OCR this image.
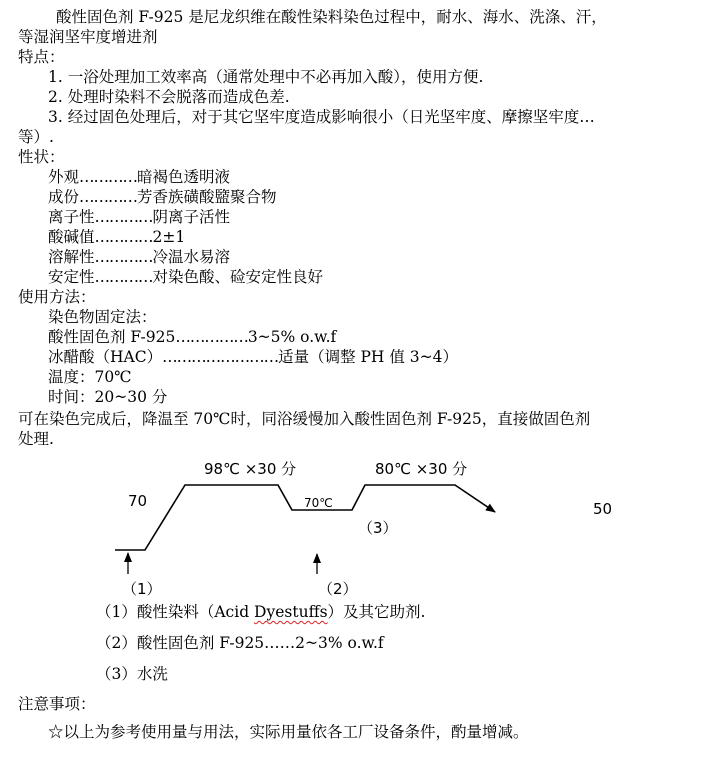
酸性固色剂 F-925 是尼龙织维在酸性染料染色过程中，耐水、海水、洗涤、汗，
等湿润坚牢度增进剂
特点：
1. 一浴处理加工效率高（通常处理中不必再加入酸），使用方便.
2. 处理时染料不会脱落而造成色差.
3. 经过固色处理后，对于其它坚牢度造成影响很小（日光坚牢度、摩擦坚牢度…
等）.
性状：
外观…………暗褐色透明液
成份…………芳香族磺酸盬聚合物
离子性…………阴离子活性
酸碱值…………2±1
溶解性…………冷温水易溶
安定性…………对染色酸、硷安定性良好
使用方法：
染色物固定法：
酸性固色剂 F-925……………3~5% o.w.f
冰醋酸（HAC）……………………适量（调整 PH 值 3~4）
温度：70℃
时间：20~30 分
可在染色完成后，降温至 70℃时，同浴缓慢加入酸性固色剂 F-925，直接做固色剂
处理.
98℃ ×30 分	80℃ ×30 分
70	70℃	50
（3）
（1）	（2）
（1）酸性染料（Acid Dyestuffs）及其它助剂.
（2）酸性固色剂 F-925……2~3% o.w.f
（3）水洗
注意事项：
☆以上为参考使用量与用法，实际用量依各工厂设备条件，酌量增减。
